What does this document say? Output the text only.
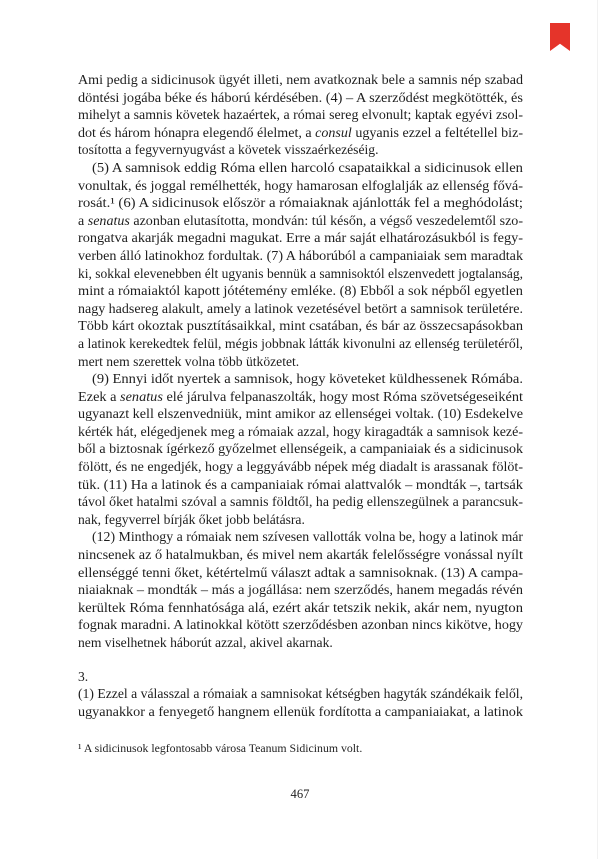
Ami pedig a sidicinusok ügyét illeti, nem avatkoznak bele a samnis nép szabad
döntési jogába béke és háború kérdésében. (4) – A szerződést megkötötték, és
mihelyt a samnis követek hazaértek, a római sereg elvonult; kaptak egyévi zsol-
dot és három hónapra elegendő élelmet, a consul ugyanis ezzel a feltétellel biz-
tosította a fegyvernyugvást a követek visszaérkezéséig.
(5) A samnisok eddig Róma ellen harcoló csapataikkal a sidicinusok ellen
vonultak, és joggal remélhették, hogy hamarosan elfoglalják az ellenség fővá-
rosát.¹ (6) A sidicinusok először a rómaiaknak ajánlották fel a meghódolást;
a senatus azonban elutasította, mondván: túl későn, a végső veszedelemtől szo-
rongatva akarják megadni magukat. Erre a már saját elhatározásukból is fegy-
verben álló latinokhoz fordultak. (7) A háborúból a campaniaiak sem maradtak
ki, sokkal elevenebben élt ugyanis bennük a samnisoktól elszenvedett jogtalanság,
mint a rómaiaktól kapott jótétemény emléke. (8) Ebből a sok népből egyetlen
nagy hadsereg alakult, amely a latinok vezetésével betört a samnisok területére.
Több kárt okoztak pusztításaikkal, mint csatában, és bár az összecsapásokban
a latinok kerekedtek felül, mégis jobbnak látták kivonulni az ellenség területéről,
mert nem szerettek volna több ütközetet.
(9) Ennyi időt nyertek a samnisok, hogy követeket küldhessenek Rómába.
Ezek a senatus elé járulva felpanaszolták, hogy most Róma szövetségeseiként
ugyanazt kell elszenvedniük, mint amikor az ellenségei voltak. (10) Esdekelve
kérték hát, elégedjenek meg a rómaiak azzal, hogy kiragadták a samnisok kezé-
ből a biztosnak ígérkező győzelmet ellenségeik, a campaniaiak és a sidicinusok
fölött, és ne engedjék, hogy a leggyávább népek még diadalt is arassanak fölöt-
tük. (11) Ha a latinok és a campaniaiak római alattvalók – mondták –, tartsák
távol őket hatalmi szóval a samnis földtől, ha pedig ellenszegülnek a parancsuk-
nak, fegyverrel bírják őket jobb belátásra.
(12) Minthogy a rómaiak nem szívesen vallották volna be, hogy a latinok már
nincsenek az ő hatalmukban, és mivel nem akarták felelősségre vonással nyílt
ellenséggé tenni őket, kétértelmű választ adtak a samnisoknak. (13) A campa-
niaiaknak – mondták – más a jogállása: nem szerződés, hanem megadás révén
kerültek Róma fennhatósága alá, ezért akár tetszik nekik, akár nem, nyugton
fognak maradni. A latinokkal kötött szerződésben azonban nincs kikötve, hogy
nem viselhetnek háborút azzal, akivel akarnak.
3.
(1) Ezzel a válasszal a rómaiak a samnisokat kétségben hagyták szándékaik felől,
ugyanakkor a fenyegető hangnem ellenük fordította a campaniaiakat, a latinok
¹ A sidicinusok legfontosabb városa Teanum Sidicinum volt.
467
